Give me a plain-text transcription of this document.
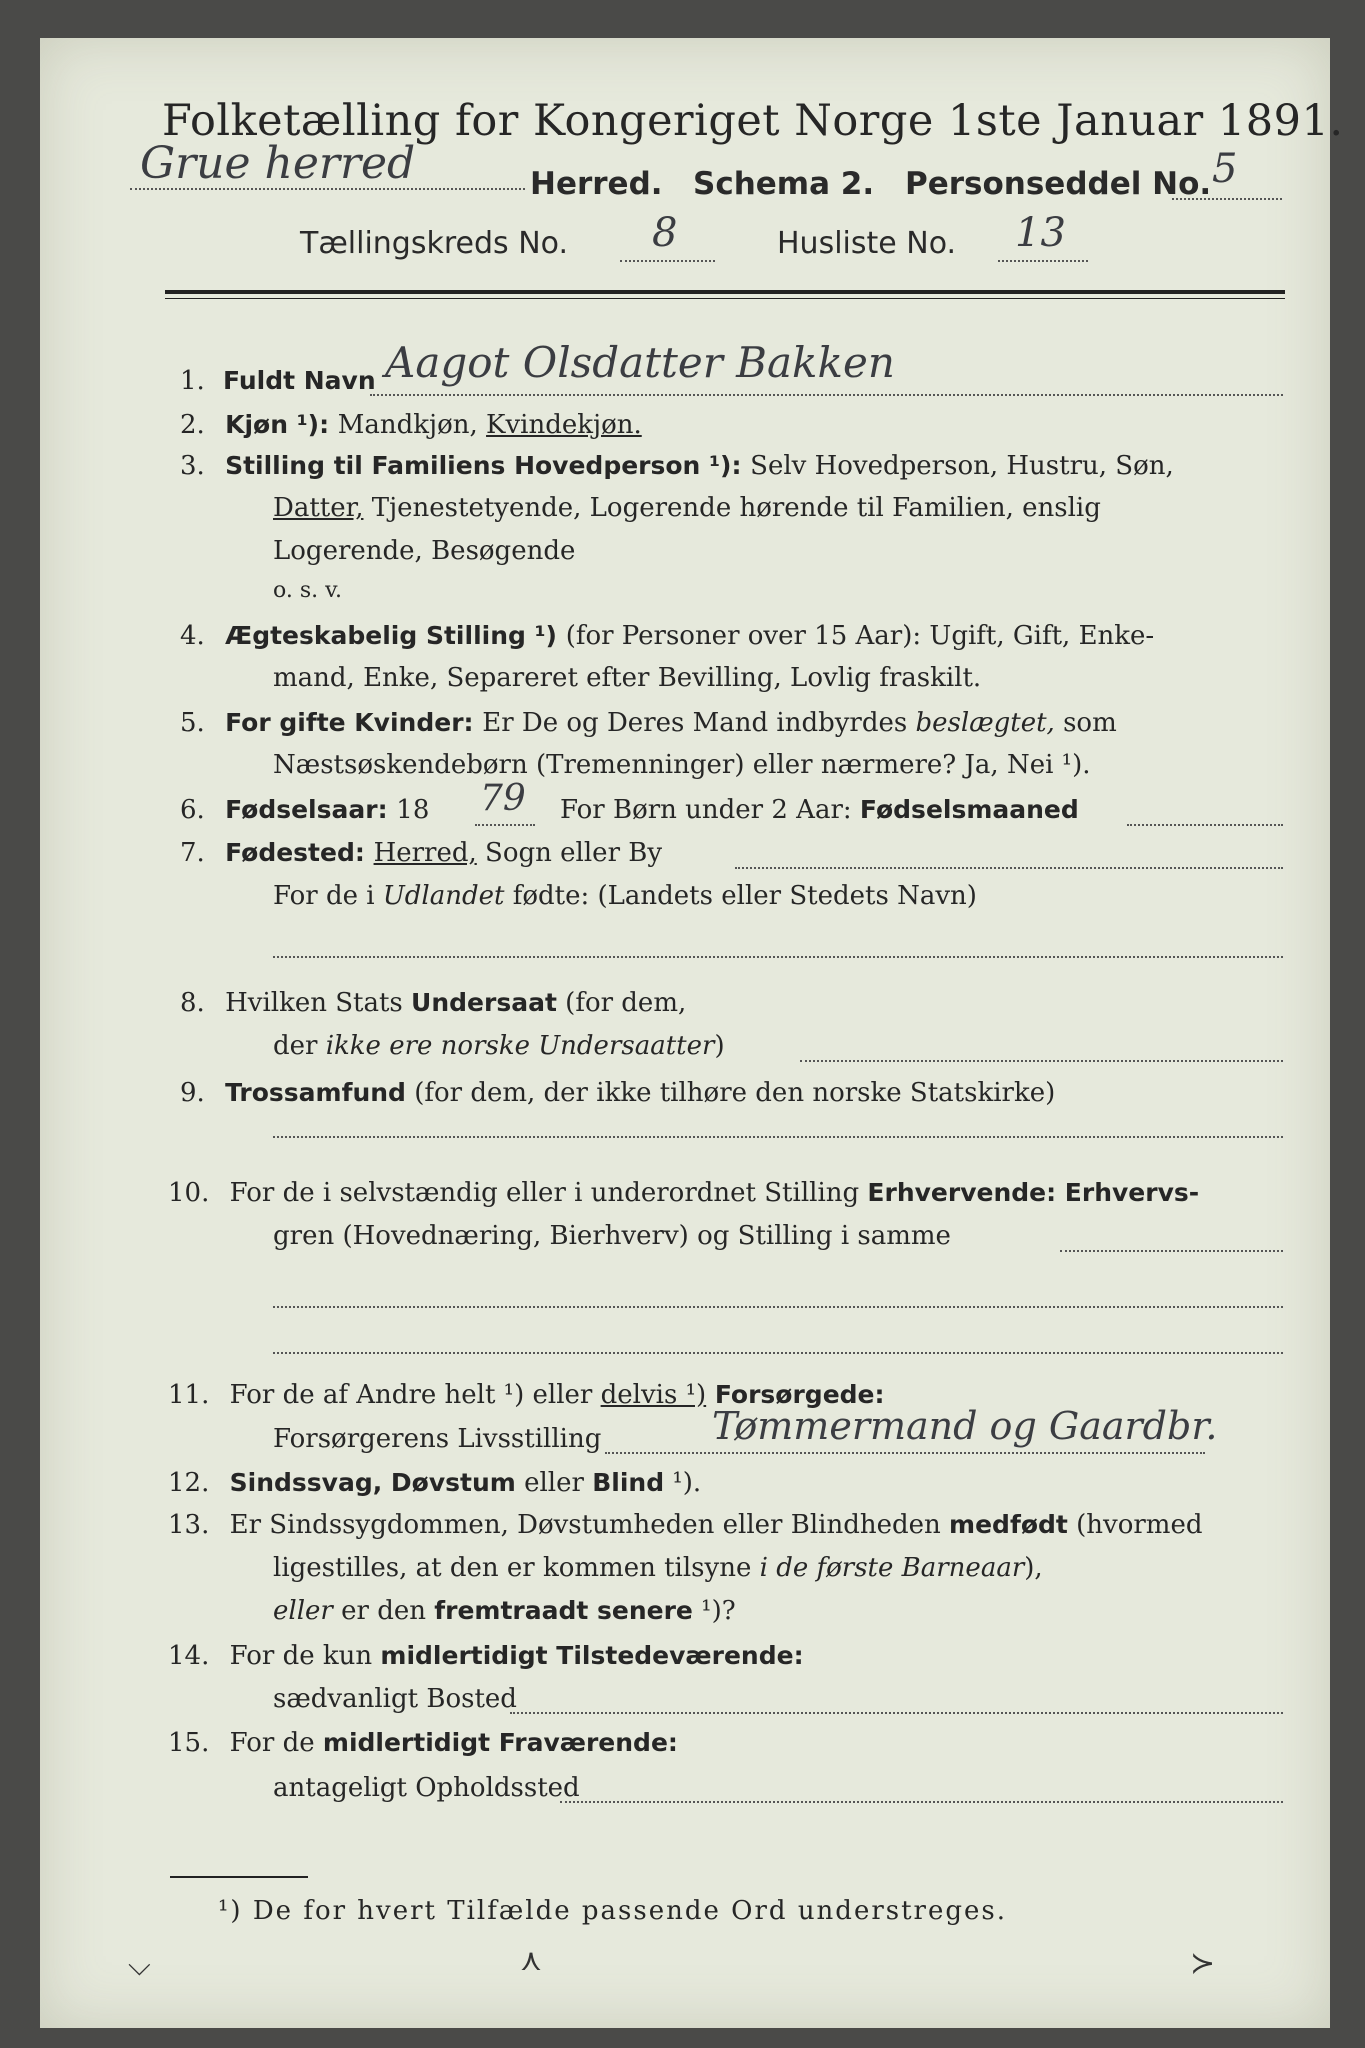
Folketælling for Kongeriget Norge 1ste Januar 1891.
Grue herred	Herred. Schema 2. Personseddel No. 5
Tællingskreds No. 8	Husliste No. 13
1. Fuldt Navn Aagot Olsdatter Bakken
2. Kjøn ¹): Mandkjøn, Kvindekjøn.
3. Stilling til Familiens Hovedperson ¹): Selv Hovedperson, Hustru, Søn,
Datter, Tjenestetyende, Logerende hørende til Familien, enslig
Logerende, Besøgende
o. s. v.
4. Ægteskabelig Stilling ¹) (for Personer over 15 Aar): Ugift, Gift, Enke-
mand, Enke, Separeret efter Bevilling, Lovlig fraskilt.
5. For gifte Kvinder: Er De og Deres Mand indbyrdes beslægtet, som
Næstsøskendebørn (Tremenninger) eller nærmere? Ja, Nei ¹).
6. Fødselsaar: 18 79 For Børn under 2 Aar: Fødselsmaaned
7. Fødested: Herred, Sogn eller By
For de i Udlandet fødte: (Landets eller Stedets Navn)
8. Hvilken Stats Undersaat (for dem,
der ikke ere norske Undersaatter)
9. Trossamfund (for dem, der ikke tilhøre den norske Statskirke)
10. For de i selvstændig eller i underordnet Stilling Erhvervende: Erhvervs-
gren (Hovednæring, Bierhverv) og Stilling i samme
11. For de af Andre helt ¹) eller delvis ¹) Forsørgede:
Forsørgerens Livsstilling	Tømmermand og Gaardbr.
12. Sindssvag, Døvstum eller Blind ¹).
13. Er Sindssygdommen, Døvstumheden eller Blindheden medfødt (hvormed
ligestilles, at den er kommen tilsyne i de første Barneaar),
eller er den fremtraadt senere ¹)?
14. For de kun midlertidigt Tilstedeværende:
sædvanligt Bosted
15. For de midlertidigt Fraværende:
antageligt Opholdssted
¹) De for hvert Tilfælde passende Ord understreges.
⌵	⋏	≻
